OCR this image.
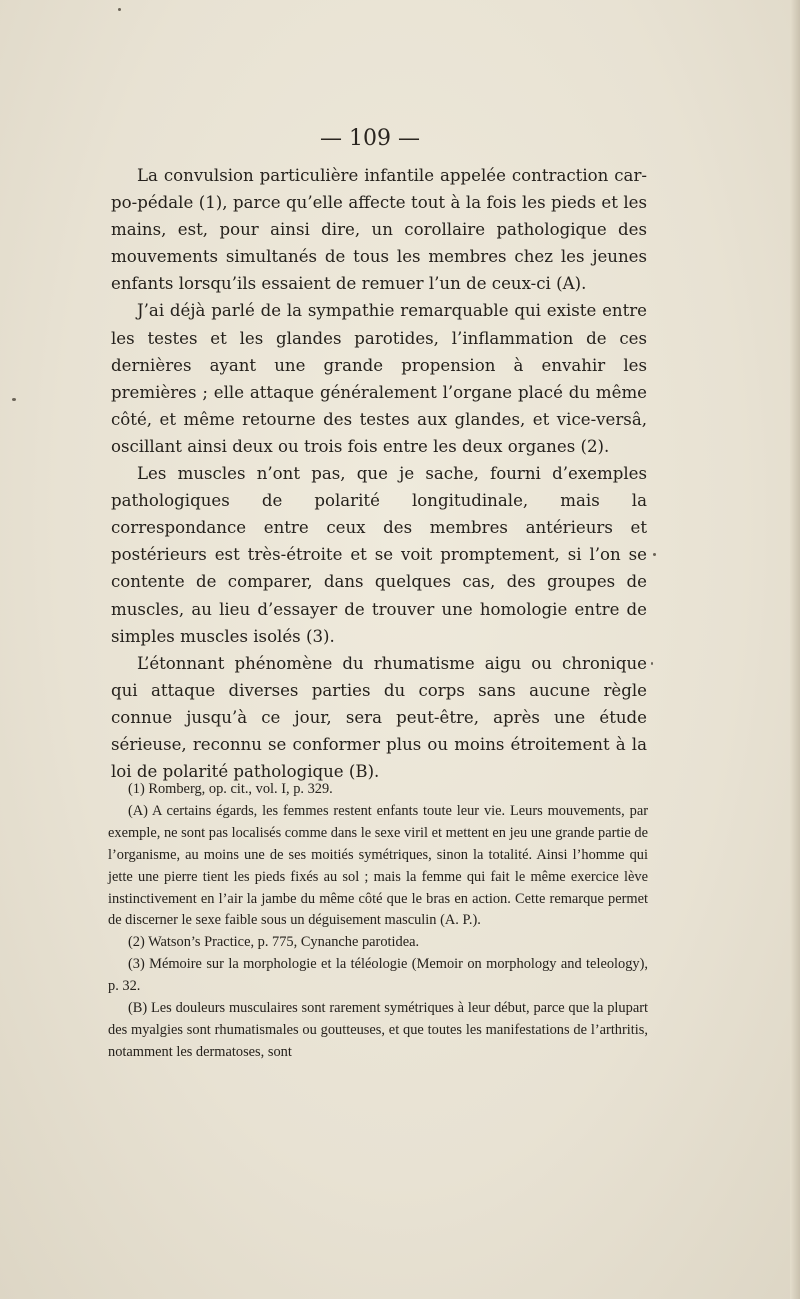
— 109 —

La convulsion particulière infantile appelée contraction carpo-pédale (1), parce qu’elle affecte tout à la fois les pieds et les mains, est, pour ainsi dire, un corollaire pathologique des mouvements simultanés de tous les membres chez les jeunes enfants lorsqu’ils essaient de remuer l’un de ceux-ci (A).

J’ai déjà parlé de la sympathie remarquable qui existe entre les testes et les glandes parotides, l’inflammation de ces dernières ayant une grande propension à envahir les premières ; elle attaque généralement l’organe placé du même côté, et même retourne des testes aux glandes, et vice-versâ, oscillant ainsi deux ou trois fois entre les deux organes (2).

Les muscles n’ont pas, que je sache, fourni d’exemples pathologiques de polarité longitudinale, mais la correspondance entre ceux des membres antérieurs et postérieurs est très-étroite et se voit promptement, si l’on se contente de comparer, dans quelques cas, des groupes de muscles, au lieu d’essayer de trouver une homologie entre de simples muscles isolés (3).

L’étonnant phénomène du rhumatisme aigu ou chronique qui attaque diverses parties du corps sans aucune règle connue jusqu’à ce jour, sera peut-être, après une étude sérieuse, reconnu se conformer plus ou moins étroitement à la loi de polarité pathologique (B).

(1) Romberg, op. cit., vol. I, p. 329.

(A) A certains égards, les femmes restent enfants toute leur vie. Leurs mouvements, par exemple, ne sont pas localisés comme dans le sexe viril et mettent en jeu une grande partie de l’organisme, au moins une de ses moitiés symétriques, sinon la totalité. Ainsi l’homme qui jette une pierre tient les pieds fixés au sol ; mais la femme qui fait le même exercice lève instinctivement en l’air la jambe du même côté que le bras en action. Cette remarque permet de discerner le sexe faible sous un déguisement masculin (A. P.).

(2) Watson’s Practice, p. 775, Cynanche parotidea.

(3) Mémoire sur la morphologie et la téléologie (Memoir on morphology and teleology), p. 32.

(B) Les douleurs musculaires sont rarement symétriques à leur début, parce que la plupart des myalgies sont rhumatismales ou goutteuses, et que toutes les manifestations de l’arthritis, notamment les dermatoses, sont
